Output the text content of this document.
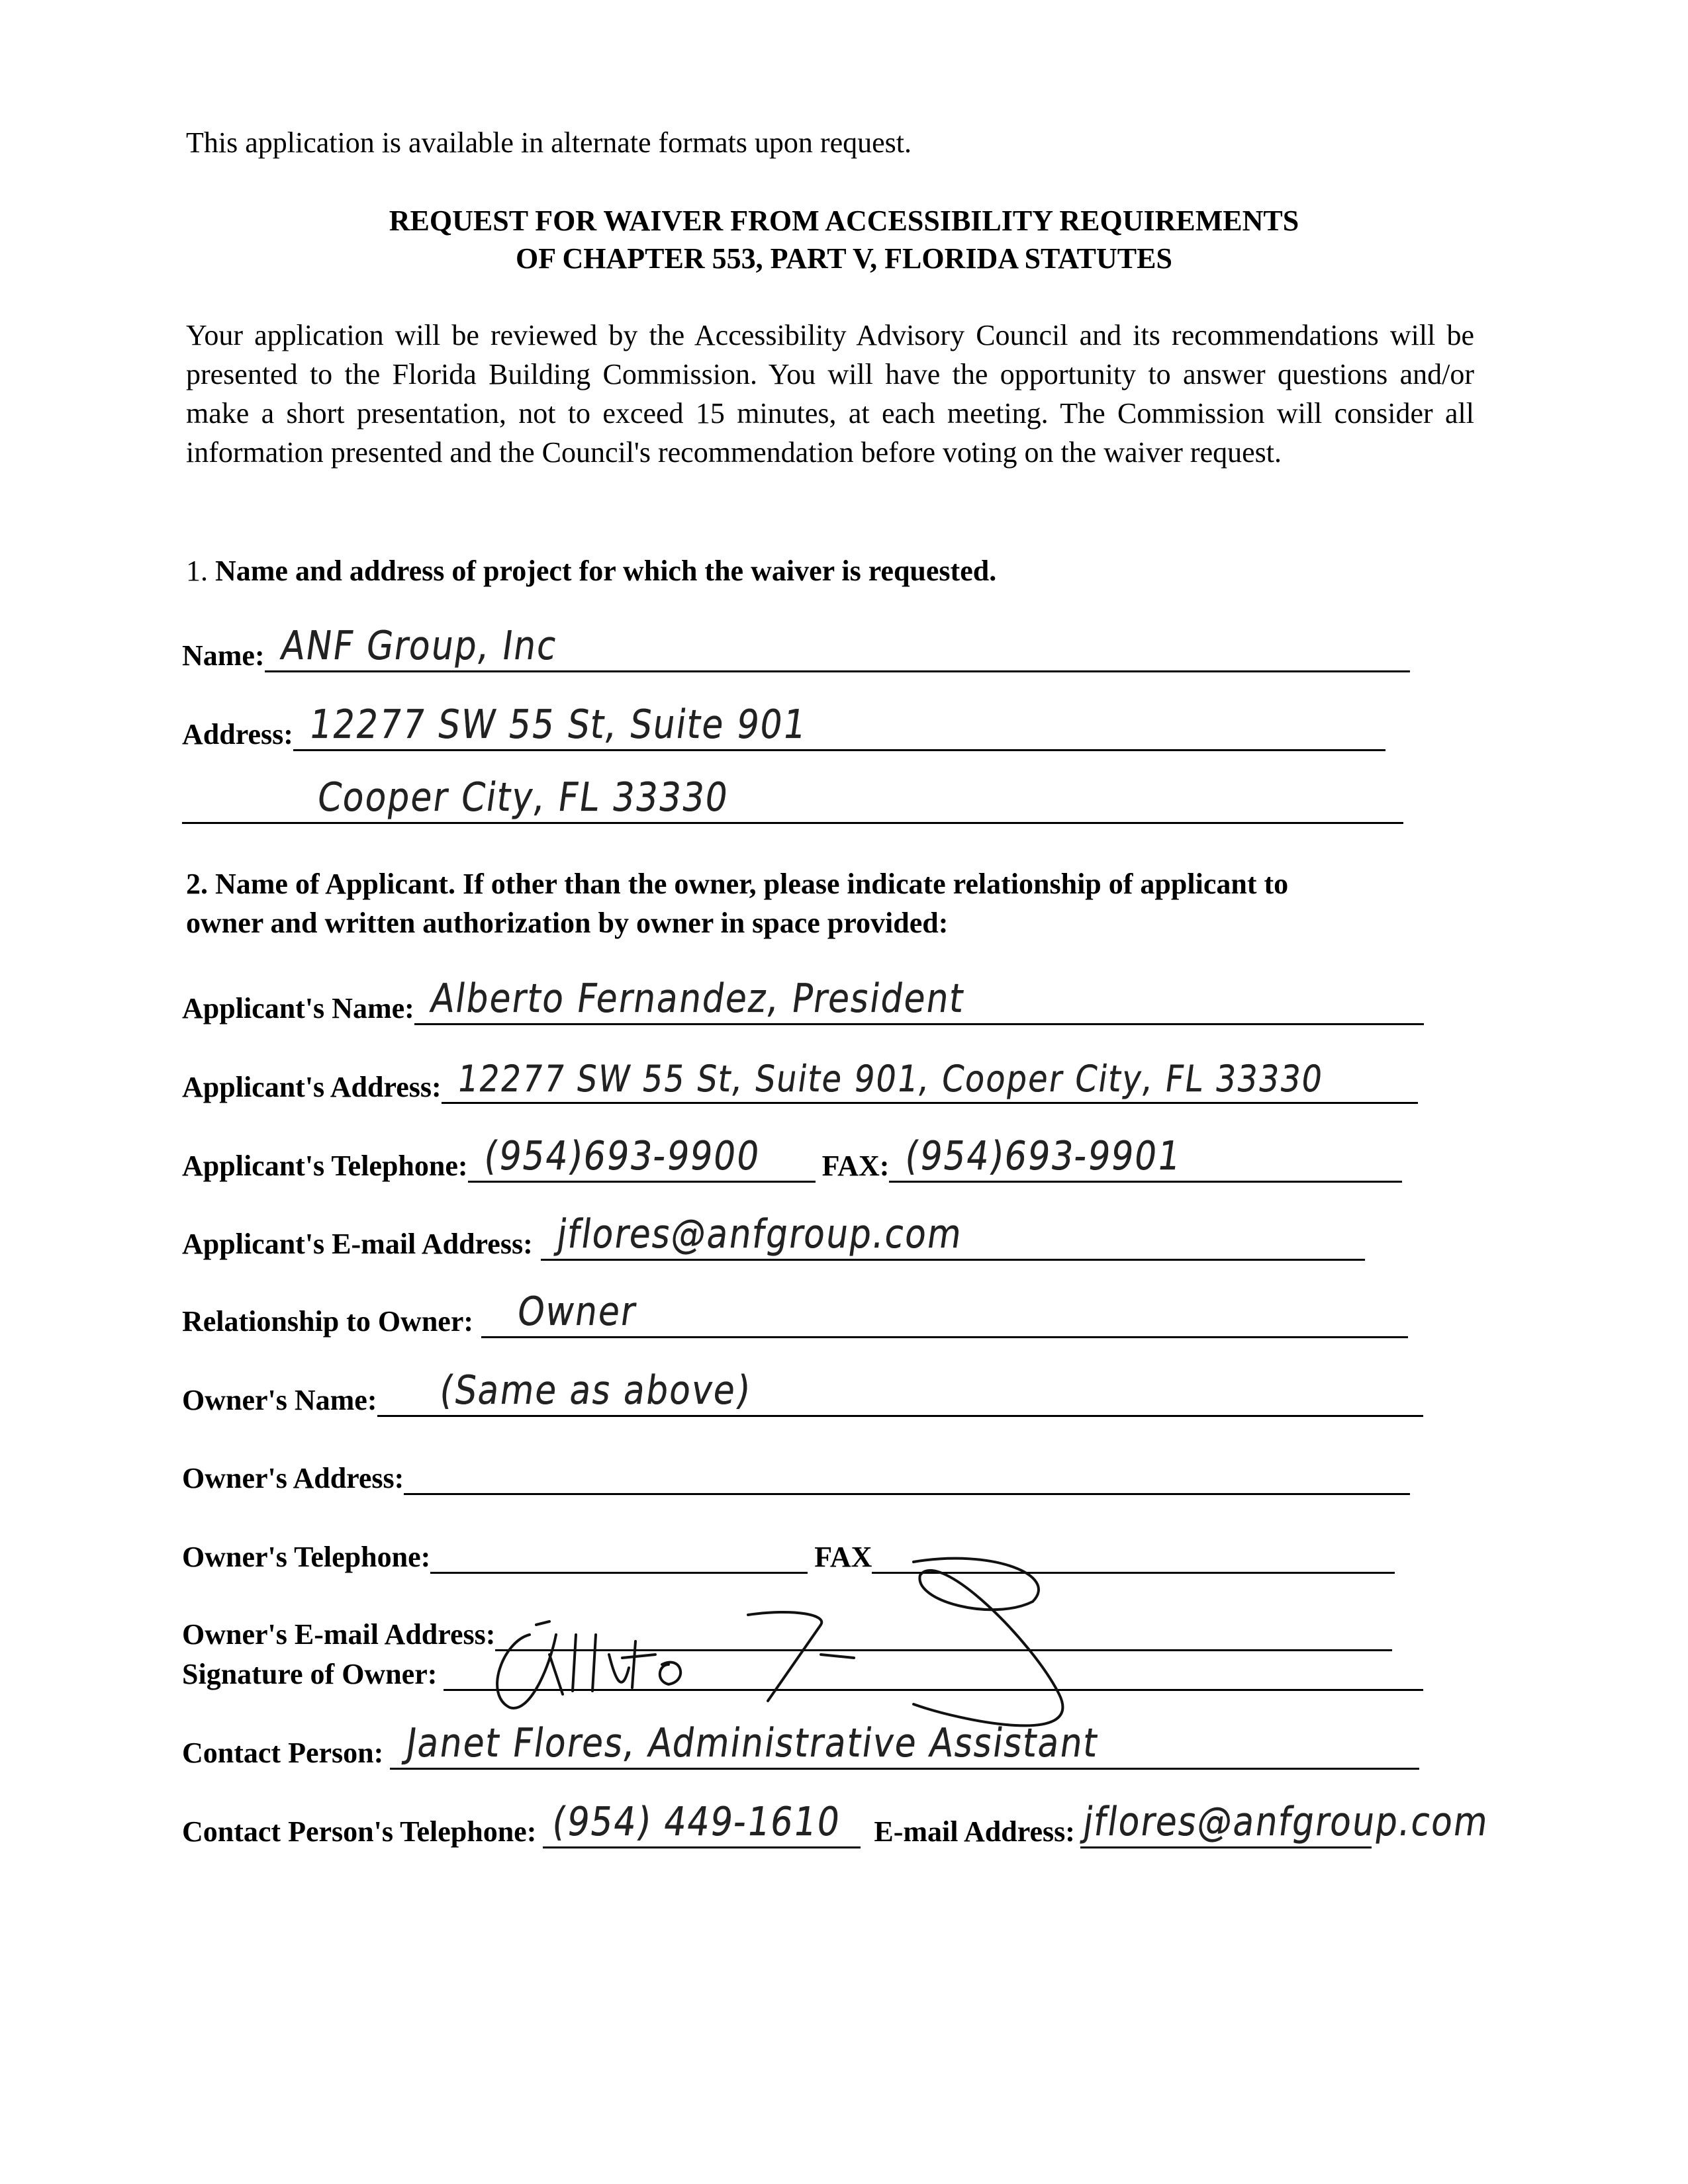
This application is available in alternate formats upon request.
REQUEST FOR WAIVER FROM ACCESSIBILITY REQUIREMENTS
OF CHAPTER 553, PART V, FLORIDA STATUTES
Your application will be reviewed by the Accessibility Advisory Council and its recommendations will be presented to the Florida Building Commission. You will have the opportunity to answer questions and/or make a short presentation, not to exceed 15 minutes, at each meeting. The Commission will consider all information presented and the Council's recommendation before voting on the waiver request.
1. Name and address of project for which the waiver is requested.
Name: ANF Group, Inc
Address: 12277 SW 55 St, Suite 901
Cooper City, FL 33330
2. Name of Applicant. If other than the owner, please indicate relationship of applicant to
owner and written authorization by owner in space provided:
Applicant's Name: Alberto Fernandez, President
Applicant's Address: 12277 SW 55 St, Suite 901, Cooper City, FL 33330
Applicant's Telephone: (954)693-9900 FAX: (954)693-9901
Applicant's E-mail Address: jflores@anfgroup.com
Relationship to Owner: Owner
Owner's Name: (Same as above)
Owner's Address:
Owner's Telephone:	FAX
Owner's E-mail Address:
Signature of Owner:
Contact Person: Janet Flores, Administrative Assistant
Contact Person's Telephone: (954) 449-1610 E-mail Address: jflores@anfgroup.com
